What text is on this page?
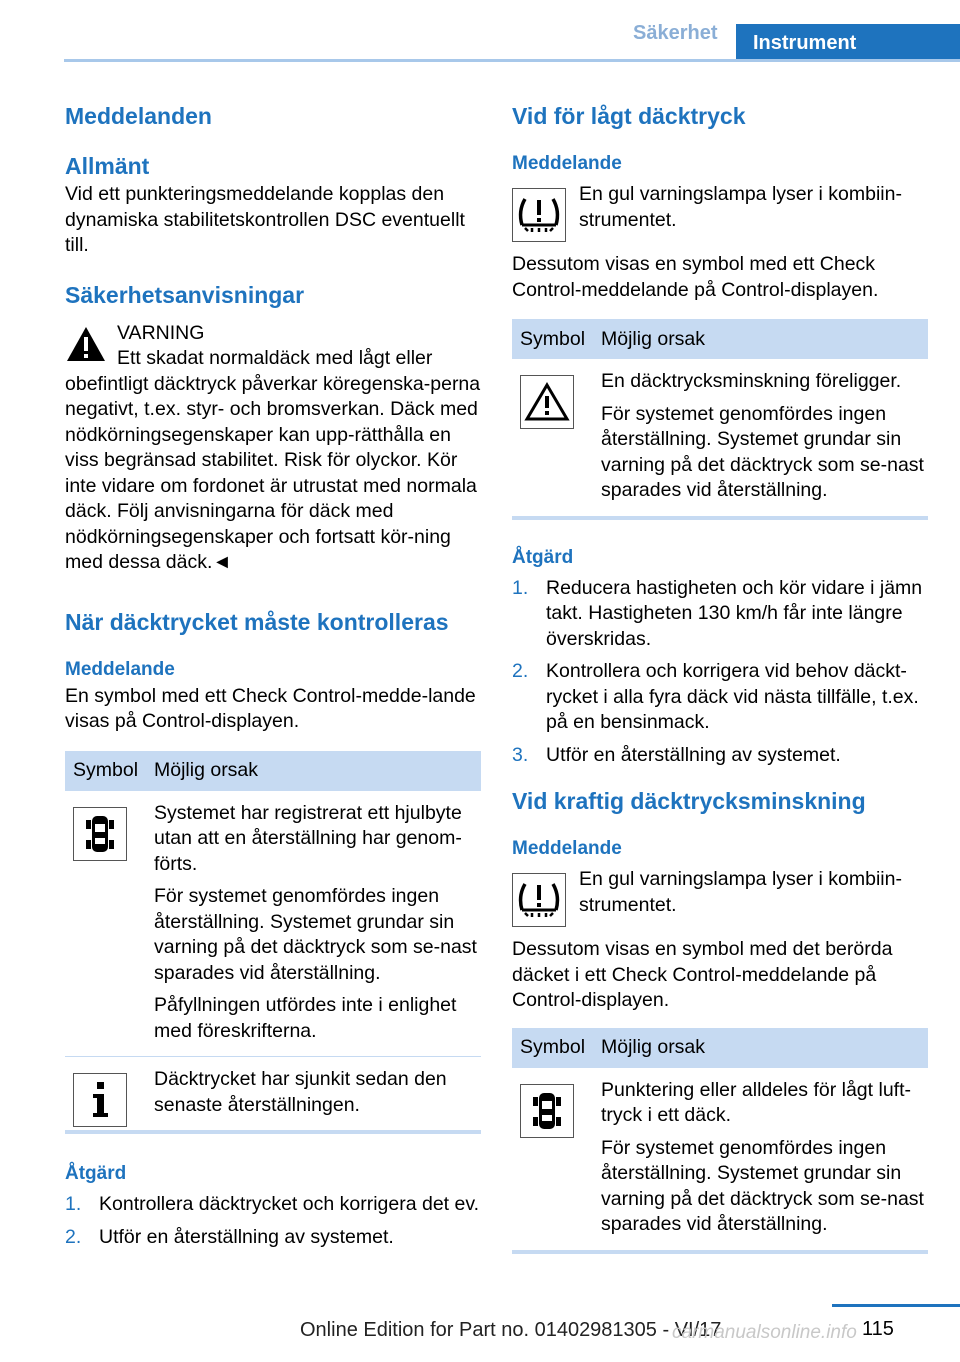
Säkerhet	Instrument
Meddelanden
Allmänt

Vid ett punkteringsmeddelande kopplas den dynamiska stabilitetskontrollen DSC eventuellt till.

Säkerhetsanvisningar
VARNING
Ett skadat normaldäck med lågt eller obefintligt däcktryck påverkar köregenska-perna negativt, t.ex. styr- och bromsverkan. Däck med nödkörningsegenskaper kan upp-rätthålla en viss begränsad stabilitet. Risk för olyckor. Kör inte vidare om fordonet är utrustat med normala däck. Följ anvisningarna för däck med nödkörningsegenskaper och fortsatt kör-ning med dessa däck.◄
När däcktrycket måste kontrolleras
Meddelande

En symbol med ett Check Control-medde-lande visas på Control-displayen.

Symbol	Möjlig orsak

Systemet har registrerat ett hjulbyte utan att en återställning har genom-förts.
För systemet genomfördes ingen återställning. Systemet grundar sin varning på det däcktryck som se-nast sparades vid återställning.
Påfyllningen utfördes inte i enlighet med föreskrifterna.

Däcktrycket har sjunkit sedan den senaste återställningen.
Åtgärd
1. Kontrollera däcktrycket och korrigera det ev.
2. Utför en återställning av systemet.
Vid för lågt däcktryck
Meddelande
En gul varningslampa lyser i kombiin-strumentet.

Dessutom visas en symbol med ett Check Control-meddelande på Control-displayen.

Symbol	Möjlig orsak

En däcktrycksminskning föreligger.
För systemet genomfördes ingen återställning. Systemet grundar sin varning på det däcktryck som se-nast sparades vid återställning.
Åtgärd
1. Reducera hastigheten och kör vidare i jämn takt. Hastigheten 130 km/h får inte längre överskridas.
2. Kontrollera och korrigera vid behov däckt-rycket i alla fyra däck vid nästa tillfälle, t.ex. på en bensinmack.
3. Utför en återställning av systemet.
Vid kraftig däcktrycksminskning
Meddelande
En gul varningslampa lyser i kombiin-strumentet.

Dessutom visas en symbol med det berörda däcket i ett Check Control-meddelande på Control-displayen.

Symbol	Möjlig orsak

Punktering eller alldeles för lågt luft-tryck i ett däck.
För systemet genomfördes ingen återställning. Systemet grundar sin varning på det däcktryck som se-nast sparades vid återställning.
115
Online Edition for Part no. 01402981305 - VI/17
carmanualsonline.info
